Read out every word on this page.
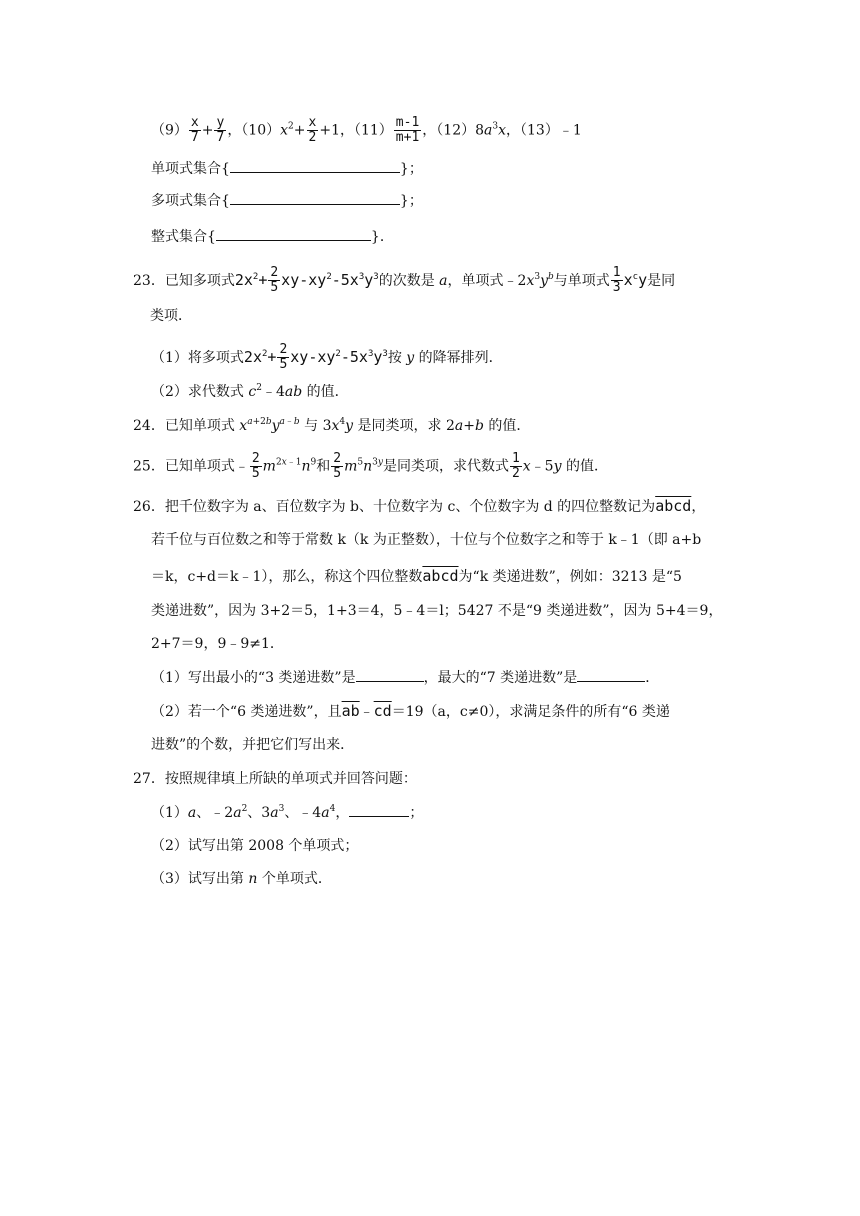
$(9) \frac{x}{7} + \frac{y}{7}$ ，$(10)x^2+ \frac{x}{2} +1$，$(11) \frac{m-1}{m+1}$ ，$(12)8a^3x$，（13）﹣1
单项式集合{	}；
多项式集合{	}；
整式集合{	}．
23．已知多项式$2x^2+ \frac{2}{5} xy-xy^2-5x^3y^3$的次数是 a，单项式$﹣2x^3y^b$与单项式 $\frac{1}{3} x^cy$是同
类项．
（1）将多项式$2x^2+ \frac{2}{5} xy-xy^2-5x^3y^3$按 y 的降幂排列．
（2）求代数式 $c^2﹣4ab$ 的值．
24．已知单项式 $x^{a+2b}y^{a﹣b}$ 与 $3x^4y$ 是同类项，求 2a+b 的值．
25．已知单项式﹣ $\frac{2}{5} m^{2x﹣1}n^9$和 $\frac{2}{5} m^5n^{3y}$是同类项，求代数式 $\frac{1}{2}$ x﹣5y 的值．
26．把千位数字为 a、百位数字为 b、十位数字为 c、个位数字为 d 的四位整数记为abcd，
若千位与百位数之和等于常数 k（k 为正整数），十位与个位数字之和等于 k﹣1（即 a+b
＝k，c+d＝k﹣1），那么，称这个四位整数abcd为“k 类递进数”，例如：3213 是“5
类递进数”，因为 3+2＝5，1+3＝4，5﹣4＝l；5427 不是“9 类递进数”，因为 5+4＝9，
2+7＝9，9﹣9≠1．
（1）写出最小的“3 类递进数”是	，最大的“7 类递进数”是	．
（2）若一个“6 类递进数”，且$\overline{ab}﹣\overline{cd}=19(a$，c≠0），求满足条件的所有“6 类递
进数”的个数，并把它们写出来．
27．按照规律填上所缺的单项式并回答问题：
（1）a、$﹣2a^2$、$3a^3$、$﹣4a^4$，	；
（2）试写出第 2008 个单项式；
（3）试写出第 n 个单项式．
